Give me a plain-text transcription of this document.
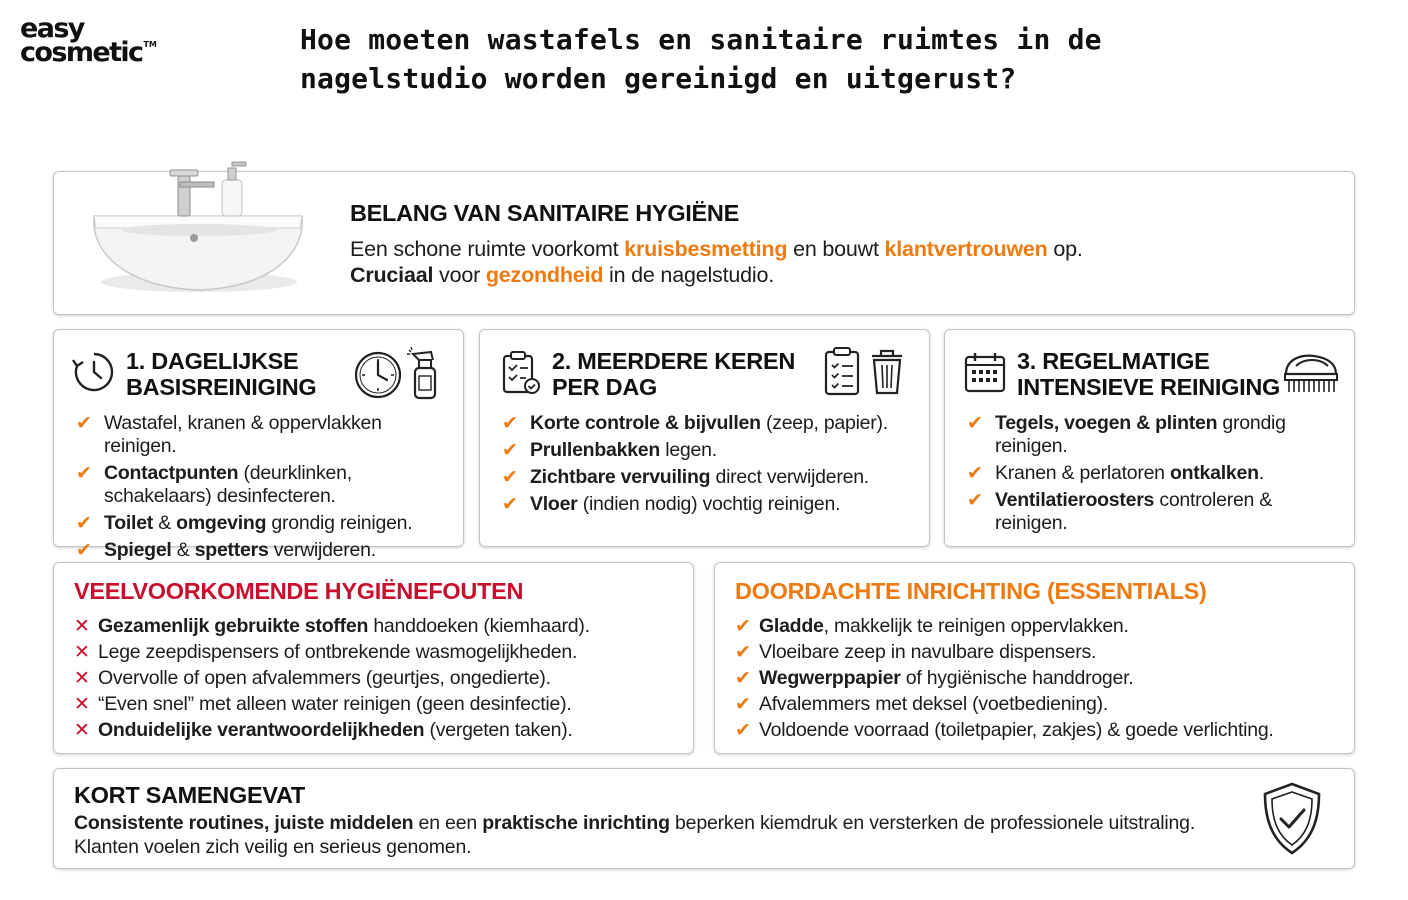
easy
cosmetic™	Hoe moeten wastafels en sanitaire ruimtes in de nagelstudio worden gereinigd en uitgerust?
BELANG VAN SANITAIRE HYGIËNE
Een schone ruimte voorkomt kruisbesmetting en bouwt klantvertrouwen op.
Cruciaal voor gezondheid in de nagelstudio.
1. DAGELIJKSE BASISREINIGING

✔ Wastafel, kranen & oppervlakken reinigen.
✔ Contactpunten (deurklinken, schakelaars) desinfecteren.
✔ Toilet & omgeving grondig reinigen.
✔ Spiegel & spetters verwijderen.
2. MEERDERE KEREN PER DAG

✔ Korte controle & bijvullen (zeep, papier).
✔ Prullenbakken legen.
✔ Zichtbare vervuiling direct verwijderen.
✔ Vloer (indien nodig) vochtig reinigen.
3. REGELMATIGE INTENSIEVE REINIGING
✔ Tegels, voegen & plinten grondig reinigen.
✔ Kranen & perlatoren ontkalken.
✔ Ventilatieroosters controleren & reinigen.
VEELVOORKOMENDE HYGIËNEFOUTEN
✕ Gezamenlijk gebruikte stoffen handdoeken (kiemhaard).
✕ Lege zeepdispensers of ontbrekende wasmogelijkheden.
✕ Overvolle of open afvalemmers (geurtjes, ongedierte).
✕ “Even snel” met alleen water reinigen (geen desinfectie).
✕ Onduidelijke verantwoordelijkheden (vergeten taken).
DOORDACHTE INRICHTING (ESSENTIALS)
✔ Gladde, makkelijk te reinigen oppervlakken.
✔ Vloeibare zeep in navulbare dispensers.
✔ Wegwerppapier of hygiënische handdroger.
✔ Afvalemmers met deksel (voetbediening).
✔ Voldoende voorraad (toiletpapier, zakjes) & goede verlichting.
KORT SAMENGEVAT
Consistente routines, juiste middelen en een praktische inrichting beperken kiemdruk en versterken de professionele uitstraling. Klanten voelen zich veilig en serieus genomen.
